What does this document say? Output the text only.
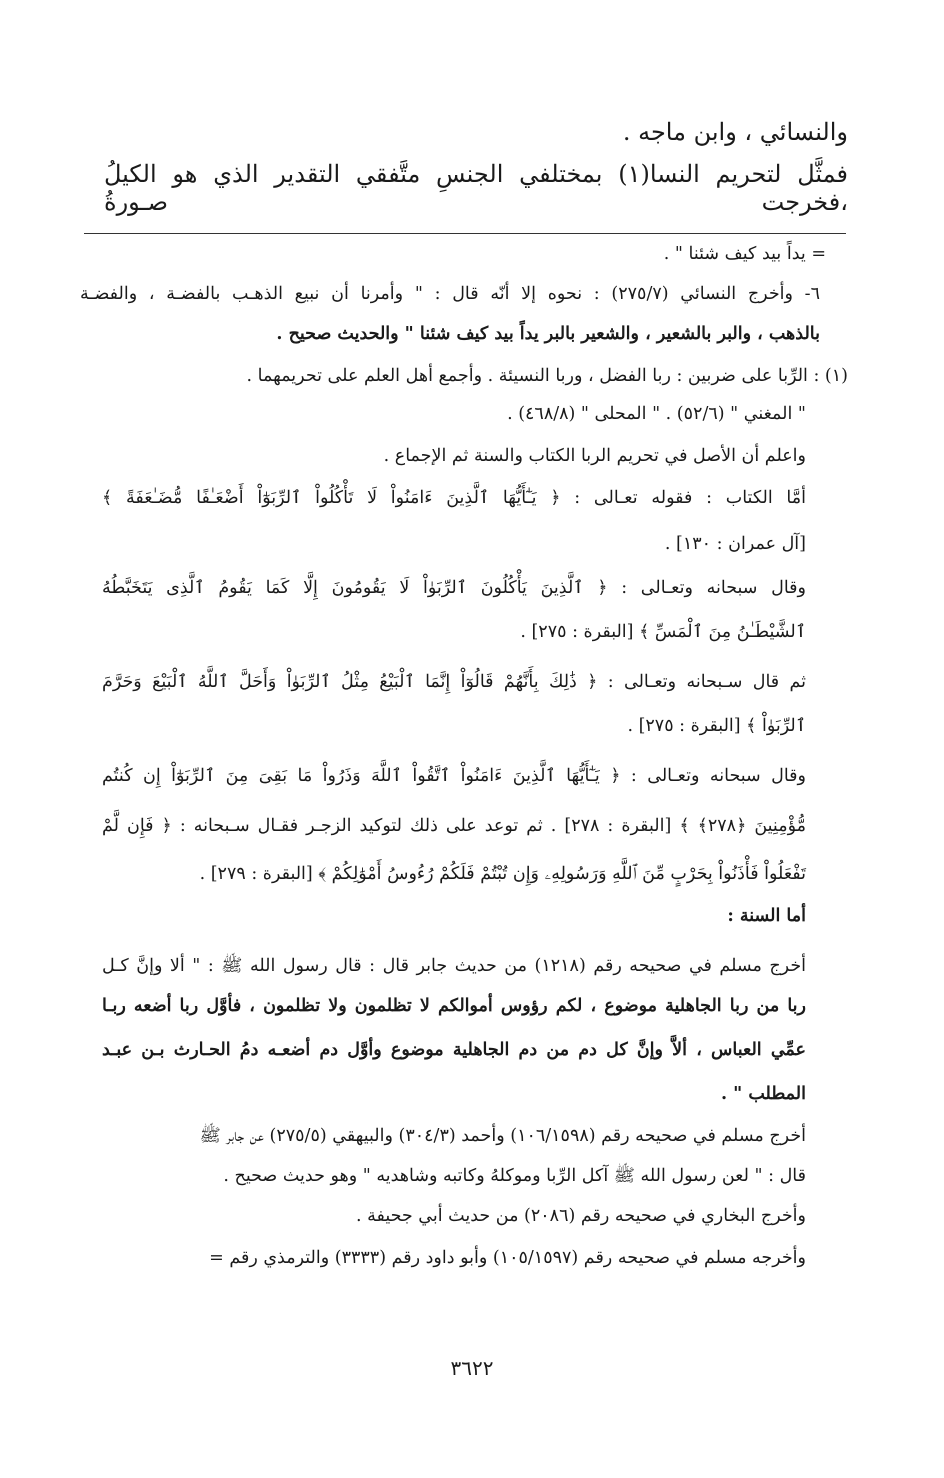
والنسائي ، وابن ماجه .
فمثَّل لتحريم النسا(١) بمختلفي الجنسِ متَّفقي التقدير الذي هو الكيلُ ،فخرجت صـورةُ
= يداً بيد كيف شئنا " .
٦- وأخرج النسائي (٢٧٥/٧) : نحوه إلا أنّه قال : " وأمرنا أن نبيع الذهـب بالفضـة ، والفضـة
بالذهب ، والبر بالشعير ، والشعير بالبر يداً بيد كيف شئنا " والحديث صحيح .
(١) : الرِّبا على ضربين : ربا الفضل ، وربا النسيئة . وأجمع أهل العلم على تحريمهما .
" المغني " (٥٢/٦) . " المحلى " (٤٦٨/٨) .
واعلم أن الأصل في تحريم الربا الكتاب والسنة ثم الإجماع .
أمَّا الكتاب : فقوله تعـالى : ﴿ يَـٰٓأَيُّهَا ٱلَّذِينَ ءَامَنُواْ لَا تَأْكُلُواْ ٱلرِّبَوٰٓاْ أَضْعَـٰفًا مُّضَـٰعَفَةً ﴾
[آل عمران : ١٣٠] .
وقال سبحانه وتعـالى : ﴿ ٱلَّذِينَ يَأْكُلُونَ ٱلرِّبَوٰاْ لَا يَقُومُونَ إِلَّا كَمَا يَقُومُ ٱلَّذِى يَتَخَبَّطُهُ
ٱلشَّيْطَـٰنُ مِنَ ٱلْمَسِّ ﴾ [البقرة : ٢٧٥] .
ثم قال سـبحانه وتعـالى : ﴿ ذَٰلِكَ بِأَنَّهُمْ قَالُوٓاْ إِنَّمَا ٱلْبَيْعُ مِثْلُ ٱلرِّبَوٰاْ وَأَحَلَّ ٱللَّهُ ٱلْبَيْعَ وَحَرَّمَ
ٱلرِّبَوٰاْ ﴾ [البقرة : ٢٧٥] .
وقال سبحانه وتعـالى : ﴿ يَـٰٓأَيُّهَا ٱلَّذِينَ ءَامَنُواْ ٱتَّقُواْ ٱللَّهَ وَذَرُواْ مَا بَقِىَ مِنَ ٱلرِّبَوٰٓاْ إِن كُنتُم
مُّؤْمِنِينَ ﴿٢٧٨﴾ ﴾ [البقرة : ٢٧٨] . ثم توعد على ذلك لتوكيد الزجـر فقـال سـبحانه : ﴿ فَإِن لَّمْ
تَفْعَلُواْ فَأْذَنُواْ بِحَرْبٍ مِّنَ ٱللَّهِ وَرَسُولِهِۦ وَإِن تُبْتُمْ فَلَكُمْ رُءُوسُ أَمْوَٰلِكُمْ ﴾ [البقرة : ٢٧٩] .
أما السنة :
أخرج مسلم في صحيحه رقم (١٢١٨) من حديث جابر قال : قال رسول الله ﷺ : " ألا وإنَّ كـل
ربا من ربا الجاهلية موضوع ، لكم رؤوس أموالكم لا تظلمون ولا تظلمون ، فأوَّل ربا أضعه ربـا
عمِّي العباس ، ألاَّ وإنَّ كل دم من دم الجاهلية موضوع وأوَّل دم أضعـه دمُ الحـارث بـن عبـد
المطلب " .
أخرج مسلم في صحيحه رقم (١٠٦/١٥٩٨) وأحمد (٣٠٤/٣) والبيهقي (٢٧٥/٥) عن جابر ﷺ
قال : " لعن رسول الله ﷺ آكل الرِّبا وموكلهُ وكاتبه وشاهديه " وهو حديث صحيح .
وأخرج البخاري في صحيحه رقم (٢٠٨٦) من حديث أبي جحيفة .
وأخرجه مسلم في صحيحه رقم (١٠٥/١٥٩٧) وأبو داود رقم (٣٣٣٣) والترمذي رقم =
٣٦٢٢
